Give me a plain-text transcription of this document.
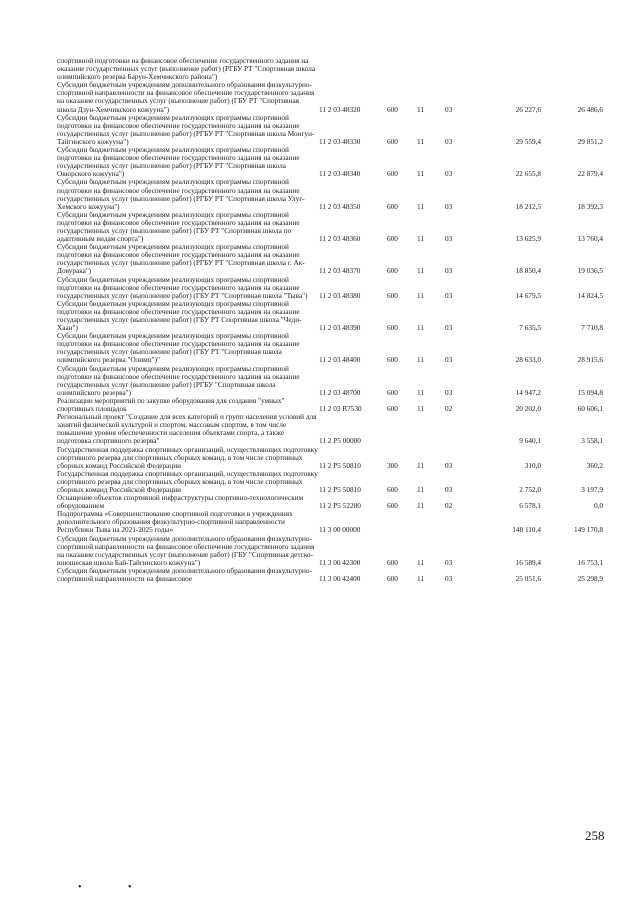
спортивной подготовки на финансовое обеспечение государственного задания на оказание государственных услуг (выполнение работ) (РГБУ РТ "Спортивная школа олимпийского резерва Барун-Хемчикского района")						
Субсидии бюджетным учреждениям дополнительного образования физкультурно-спортивной направленности на финансовое обеспечение государственного задания на оказание государственных услуг (выполнение работ) (ГБУ РТ "Спортивная школа Дзун-Хемчикского кожууна")	11 2 03 48320	600	11	03	26 227,6	26 486,6
Субсидии бюджетным учреждениям реализующих программы спортивной подготовки на финансовое обеспечение государственного задания на оказание государственных услуг (выполнение работ) (РГБУ РТ "Спортивная школа Монгун-Тайгинского кожууна")	11 2 03 48330	600	11	03	29 559,4	29 851,2
Субсидии бюджетным учреждениям реализующих программы спортивной подготовки на финансовое обеспечение государственного задания на оказание государственных услуг (выполнение работ) (РГБУ РТ "Спортивная школа Овюрского кожууна")	11 2 03 48340	600	11	03	22 655,8	22 879,4
Субсидии бюджетным учреждениям реализующих программы спортивной подготовки на финансовое обеспечение государственного задания на оказание государственных услуг (выполнение работ) (РГБУ РТ "Спортивная школа Улуг-Хемского кожууна")	11 2 03 48350	600	11	03	18 212,5	18 392,3
Субсидии бюджетным учреждениям реализующих программы спортивной подготовки на финансовое обеспечение государственного задания на оказание государственных услуг (выполнение работ) (ГБУ РТ "Спортивная школа по адаптивным видам спорта")	11 2 03 48360	600	11	03	13 625,9	13 760,4
Субсидии бюджетным учреждениям реализующих программы спортивной подготовки на финансовое обеспечение государственного задания на оказание государственных услуг (выполнение работ) (РГБУ РТ "Спортивная школа г. Ак-Довурака")	11 2 03 48370	600	11	03	18 850,4	19 036,5
Субсидии бюджетным учреждениям реализующих программы спортивной подготовки на финансовое обеспечение государственного задания на оказание государственных услуг (выполнение работ) (ГБУ РТ "Спортивная школа "Тыва")	11 2 03 48380	600	11	03	14 679,5	14 824,5
Субсидии бюджетным учреждениям реализующих программы спортивной подготовки на финансовое обеспечение государственного задания на оказание государственных услуг (выполнение работ) (ГБУ РТ Спортивная школа "Чеди-Хаан")	11 2 03 48390	600	11	03	7 635,5	7 710,8
Субсидии бюджетным учреждениям реализующих программы спортивной подготовки на финансовое обеспечение государственного задания на оказание государственных услуг (выполнение работ) (ГБУ РТ "Спортивная школа олимпийского резерва "Олимп")"	11 2 03 48400	600	11	03	28 633,0	28 915,6
Субсидии бюджетным учреждениям реализующих программы спортивной подготовки на финансовое обеспечение государственного задания на оказание государственных услуг (выполнение работ) (РГБУ "Спортивная школа олимпийского резерва")	11 2 03 48700	600	11	03	14 947,2	15 094,8
Реализации мероприятий по закупке оборудования для создания "умных" спортивных площадок	11 2 03 R7530	600	11	02	20 202,0	60 606,1
Региональный проект "Создание для всех категорий и групп населения условий для занятий физической культурой и спортом, массовым спортом, в том числе повышение уровня обеспеченности населения объектами спорта, а также подготовка спортивного резерва"	11 2 P5 00000				9 640,1	3 558,1
Государственная поддержка спортивных организаций, осуществляющих подготовку спортивного резерва для спортивных сборных команд, в том числе спортивных сборных команд Российской Федерации	11 2 P5 50810	300	11	03	310,0	360,2
Государственная поддержка спортивных организаций, осуществляющих подготовку спортивного резерва для спортивных сборных команд, в том числе спортивных сборных команд Российской Федерации	11 2 P5 50810	600	11	03	2 752,0	3 197,9
Оснащение объектов спортивной инфраструктуры спортивно-технологическим оборудованием	11 2 P5 52280	600	11	02	6 578,1	0,0
Подпрограмма «Совершенствование спортивной подготовки в учреждениях дополнительного образования физкультурно-спортивной направленности Республики Тыва на 2021-2025 годы»	11 3 00 00000				148 110,4	149 170,8
Субсидии бюджетным учреждениям дополнительного образования физкультурно-спортивной направленности на финансовое обеспечение государственного задания на оказание государственных услуг (выполнение работ) (ГБУ "Спортивная детско-юношеская школа Бай-Тайгинского кожууна")	11 3 00 42300	600	11	03	16 589,4	16 753,1
Субсидии бюджетным учреждениям дополнительного образования физкультурно-спортивной направленности на финансовое	11 3 00 42400	600	11	03	25 051,6	25 298,9
258
• •
